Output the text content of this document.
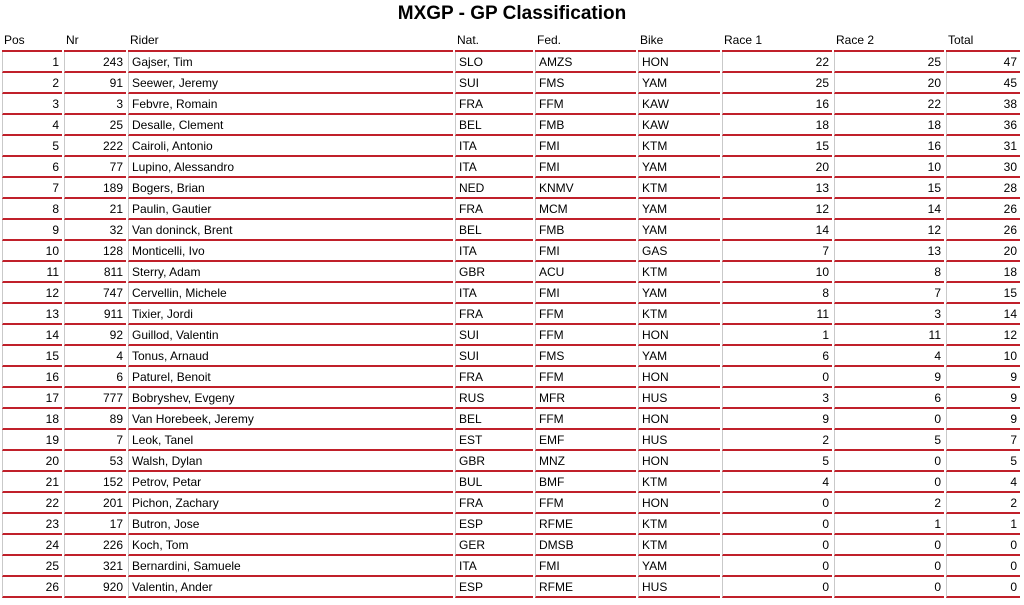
MXGP - GP Classification
Pos	Nr	Rider	Nat.	Fed.	Bike	Race 1	Race 2	Total
1	243	Gajser, Tim	SLO	AMZS	HON	22	25	47
2	91	Seewer, Jeremy	SUI	FMS	YAM	25	20	45
3	3	Febvre, Romain	FRA	FFM	KAW	16	22	38
4	25	Desalle, Clement	BEL	FMB	KAW	18	18	36
5	222	Cairoli, Antonio	ITA	FMI	KTM	15	16	31
6	77	Lupino, Alessandro	ITA	FMI	YAM	20	10	30
7	189	Bogers, Brian	NED	KNMV	KTM	13	15	28
8	21	Paulin, Gautier	FRA	MCM	YAM	12	14	26
9	32	Van doninck, Brent	BEL	FMB	YAM	14	12	26
10	128	Monticelli, Ivo	ITA	FMI	GAS	7	13	20
11	811	Sterry, Adam	GBR	ACU	KTM	10	8	18
12	747	Cervellin, Michele	ITA	FMI	YAM	8	7	15
13	911	Tixier, Jordi	FRA	FFM	KTM	11	3	14
14	92	Guillod, Valentin	SUI	FFM	HON	1	11	12
15	4	Tonus, Arnaud	SUI	FMS	YAM	6	4	10
16	6	Paturel, Benoit	FRA	FFM	HON	0	9	9
17	777	Bobryshev, Evgeny	RUS	MFR	HUS	3	6	9
18	89	Van Horebeek, Jeremy	BEL	FFM	HON	9	0	9
19	7	Leok, Tanel	EST	EMF	HUS	2	5	7
20	53	Walsh, Dylan	GBR	MNZ	HON	5	0	5
21	152	Petrov, Petar	BUL	BMF	KTM	4	0	4
22	201	Pichon, Zachary	FRA	FFM	HON	0	2	2
23	17	Butron, Jose	ESP	RFME	KTM	0	1	1
24	226	Koch, Tom	GER	DMSB	KTM	0	0	0
25	321	Bernardini, Samuele	ITA	FMI	YAM	0	0	0
26	920	Valentin, Ander	ESP	RFME	HUS	0	0	0
